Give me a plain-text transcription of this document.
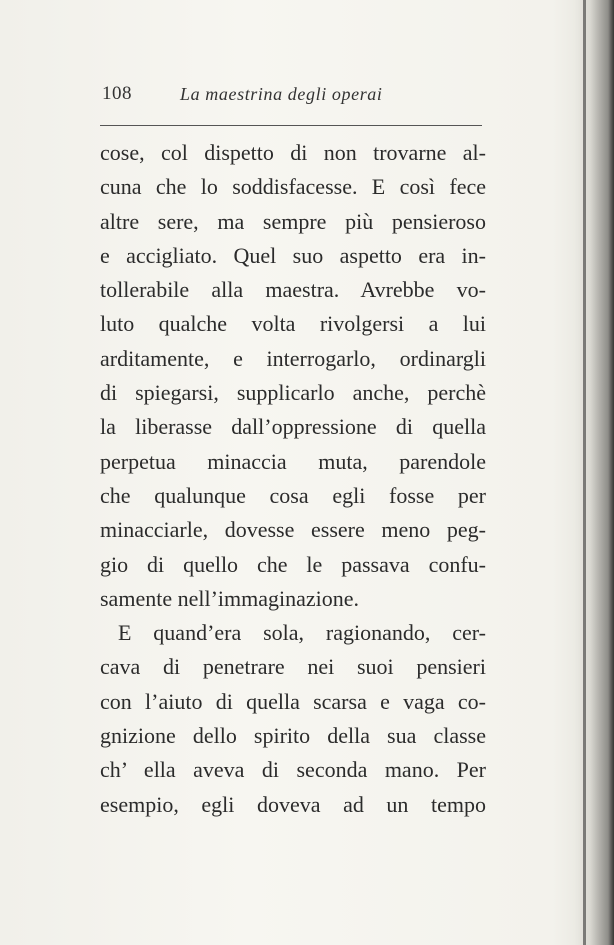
108	La maestrina degli operai
cose, col dispetto di non trovarne al-
cuna che lo soddisfacesse. E così fece
altre sere, ma sempre più pensieroso
e accigliato. Quel suo aspetto era in-
tollerabile alla maestra. Avrebbe vo-
luto qualche volta rivolgersi a lui
arditamente, e interrogarlo, ordinargli
di spiegarsi, supplicarlo anche, perchè
la liberasse dall’oppressione di quella
perpetua minaccia muta, parendole
che qualunque cosa egli fosse per
minacciarle, dovesse essere meno peg-
gio di quello che le passava confu-
samente nell’immaginazione.
E quand’era sola, ragionando, cer-
cava di penetrare nei suoi pensieri
con l’aiuto di quella scarsa e vaga co-
gnizione dello spirito della sua classe
ch’ ella aveva di seconda mano. Per
esempio, egli doveva ad un tempo
